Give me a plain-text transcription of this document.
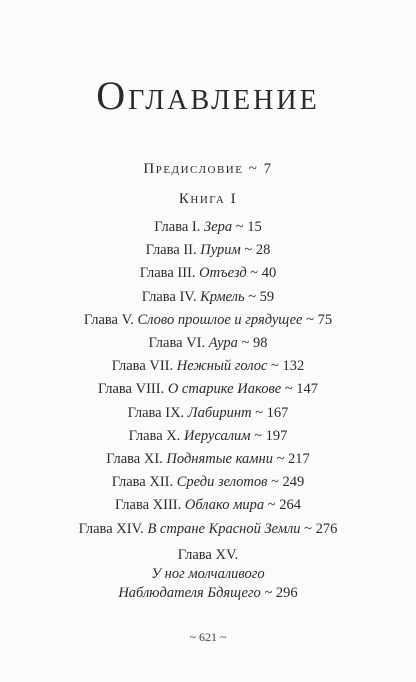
Оглавление
Предисловие ~ 7
Книга I
Глава I. Зера ~ 15
Глава II. Пурим ~ 28
Глава III. Отъезд ~ 40
Глава IV. Крмель ~ 59
Глава V. Слово прошлое и грядущее ~ 75
Глава VI. Аура ~ 98
Глава VII. Нежный голос ~ 132
Глава VIII. О старике Иакове ~ 147
Глава IX. Лабиринт ~ 167
Глава X. Иерусалим ~ 197
Глава XI. Поднятые камни ~ 217
Глава XII. Среди зелотов ~ 249
Глава XIII. Облако мира ~ 264
Глава XIV. В стране Красной Земли ~ 276
Глава XV.
У ног молчаливого
Наблюдателя Бдящего ~ 296
~ 621 ~
